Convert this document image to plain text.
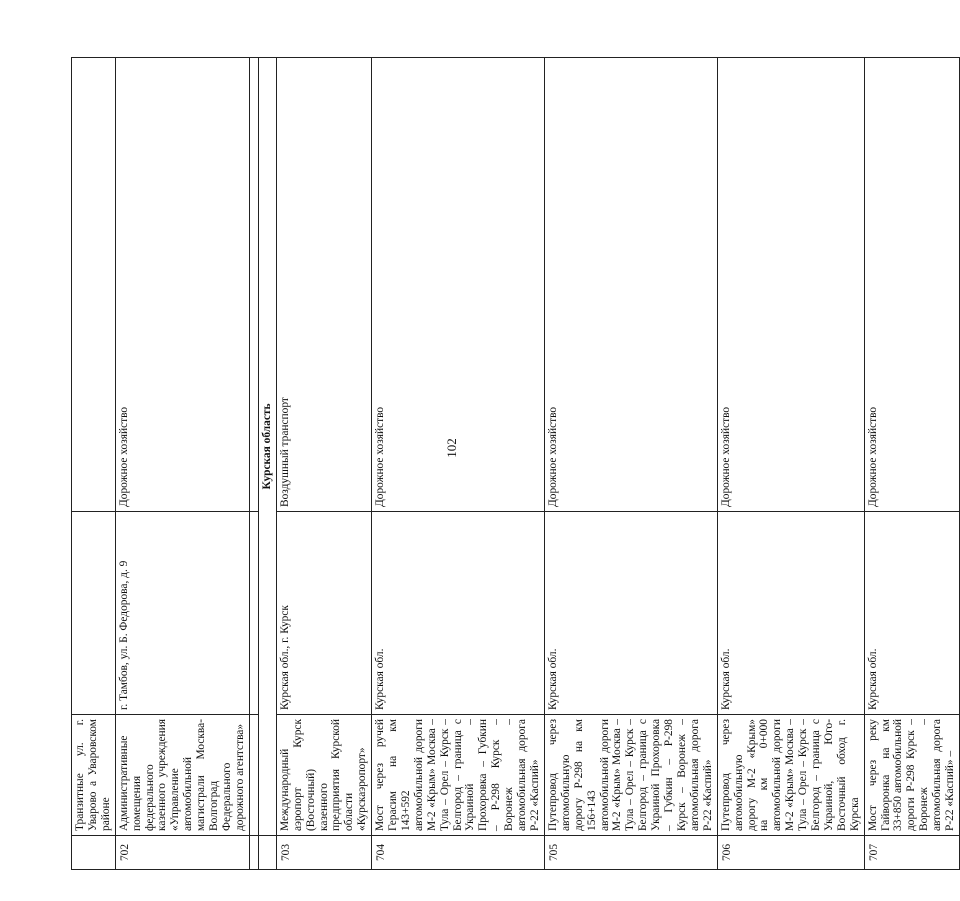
102
	Транзитные ул. г. Уварово а Уваровском районе		
702	Административные помещения федерального казенного учреждения «Управление автомобильной магистрали Москва-Волгоград Федерального дорожного агентства»	г. Тамбов, ул. Б. Федорова, д. 9	Дорожное хозяйство

	Курская область		
703	Международный аэропорт Курск (Восточный) казенного предприятия Курской области «Курскаэропорт»	Курская обл., г. Курск	Воздушный транспорт
704	Мост через ручей Герасим на км 143+592 автомобильной дороги М-2 «Крым» Москва – Тула – Орел – Курск – Белгород – граница с Украиной – Прохоровка – Губкин – Р-298 Курск – Воронеж – автомобильная дорога Р-22 «Каспий»	Курская обл.	Дорожное хозяйство
705	Путепровод через автомобильную дорогу Р-298 на км 156+143 автомобильной дороги М-2 «Крым» Москва – Тула – Орел – Курск – Белгород – граница с Украиной Прохоровка – Губкин – Р-298 Курск – Воронеж – автомобильная дорога Р-22 «Каспий»	Курская обл.	Дорожное хозяйство
706	Путепровод через автомобильную дорогу М-2 «Крым» на км 0+000 автомобильной дороги М-2 «Крым» Москва – Тула – Орел – Курск – Белгород – граница с Украиной, Юго-Восточный обход г. Курска	Курская обл.	Дорожное хозяйство
707	Мост через реку Гайворонка на км 33+850 автомобильной дороги Р-298 Курск – Воронеж – автомобильная дорога Р-22 «Каспий» –	Курская обл.	Дорожное хозяйство
